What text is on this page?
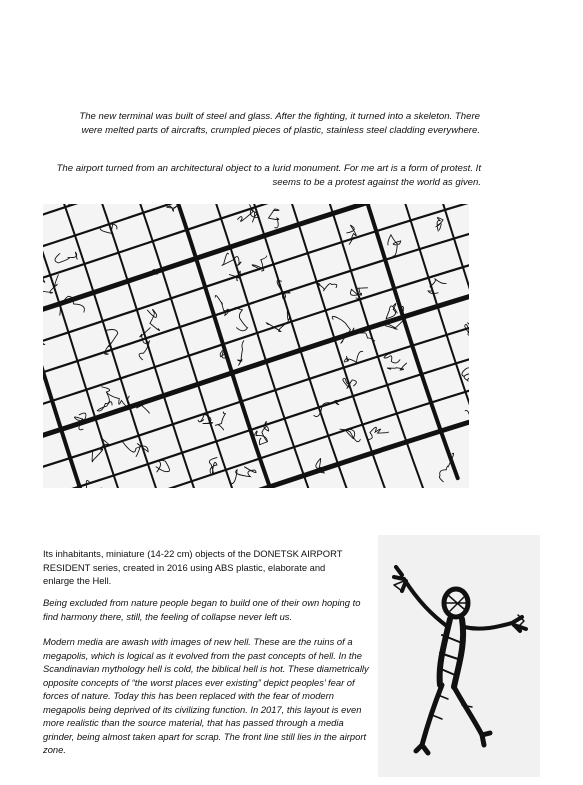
The new terminal was built of steel and glass. After the fighting, it turned into a skeleton. There were melted parts of aircrafts, crumpled pieces of plastic, stainless steel cladding everywhere.

The airport turned from an architectural object to a lurid monument. For me art is a form of protest. It seems to be a protest against the world as given.

Its inhabitants, miniature (14-22 cm) objects of the DONETSK AIRPORT RESIDENT series, created in 2016 using ABS plastic, elaborate and enlarge the Hell.

Being excluded from nature people began to build one of their own hoping to find harmony there, still, the feeling of collapse never left us.

Modern media are awash with images of new hell. These are the ruins of a megapolis, which is logical as it evolved from the past concepts of hell. In the Scandinavian mythology hell is cold, the biblical hell is hot. These diametrically opposite concepts of “the worst places ever existing” depict peoples’ fear of forces of nature. Today this has been replaced with the fear of modern megapolis being deprived of its civilizing function. In 2017, this layout is even more realistic than the source material, that has passed through a media grinder, being almost taken apart for scrap. The front line still lies in the airport zone.
